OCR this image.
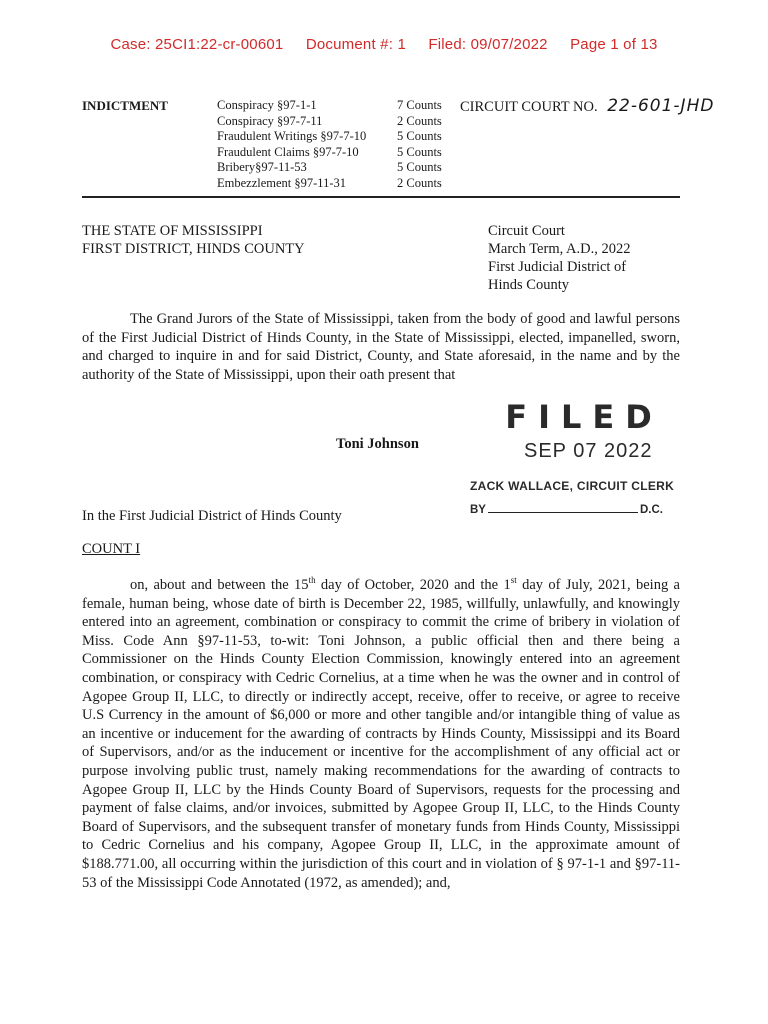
Case: 25CI1:22-cr-00601 Document #: 1 Filed: 09/07/2022 Page 1 of 13
INDICTMENT	Conspiracy §97-1-1	7 Counts
Conspiracy §97-7-11	2 Counts
Fraudulent Writings §97-7-10	5 Counts
Fraudulent Claims §97-7-10	5 Counts
Bribery§97-11-53	5 Counts
Embezzlement §97-11-31	2 Counts
CIRCUIT COURT NO. 22-601-JHD
THE STATE OF MISSISSIPPI
FIRST DISTRICT, HINDS COUNTY
Circuit Court
March Term, A.D., 2022
First Judicial District of
Hinds County
The Grand Jurors of the State of Mississippi, taken from the body of good and lawful persons of the First Judicial District of Hinds County, in the State of Mississippi, elected, impanelled, sworn, and charged to inquire in and for said District, County, and State aforesaid, in the name and by the authority of the State of Mississippi, upon their oath present that
FILED
SEP 07 2022
ZACK WALLACE, CIRCUIT CLERK
BY	D.C.
Toni Johnson
In the First Judicial District of Hinds County
COUNT I
on, about and between the 15th day of October, 2020 and the 1st day of July, 2021, being a female, human being, whose date of birth is December 22, 1985, willfully, unlawfully, and knowingly entered into an agreement, combination or conspiracy to commit the crime of bribery in violation of Miss. Code Ann §97-11-53, to-wit: Toni Johnson, a public official then and there being a Commissioner on the Hinds County Election Commission, knowingly entered into an agreement combination, or conspiracy with Cedric Cornelius, at a time when he was the owner and in control of Agopee Group II, LLC, to directly or indirectly accept, receive, offer to receive, or agree to receive U.S Currency in the amount of $6,000 or more and other tangible and/or intangible thing of value as an incentive or inducement for the awarding of contracts by Hinds County, Mississippi and its Board of Supervisors, and/or as the inducement or incentive for the accomplishment of any official act or purpose involving public trust, namely making recommendations for the awarding of contracts to Agopee Group II, LLC by the Hinds County Board of Supervisors, requests for the processing and payment of false claims, and/or invoices, submitted by Agopee Group II, LLC, to the Hinds County Board of Supervisors, and the subsequent transfer of monetary funds from Hinds County, Mississippi to Cedric Cornelius and his company, Agopee Group II, LLC, in the approximate amount of $188.771.00, all occurring within the jurisdiction of this court and in violation of § 97-1-1 and §97-11-53 of the Mississippi Code Annotated (1972, as amended); and,
